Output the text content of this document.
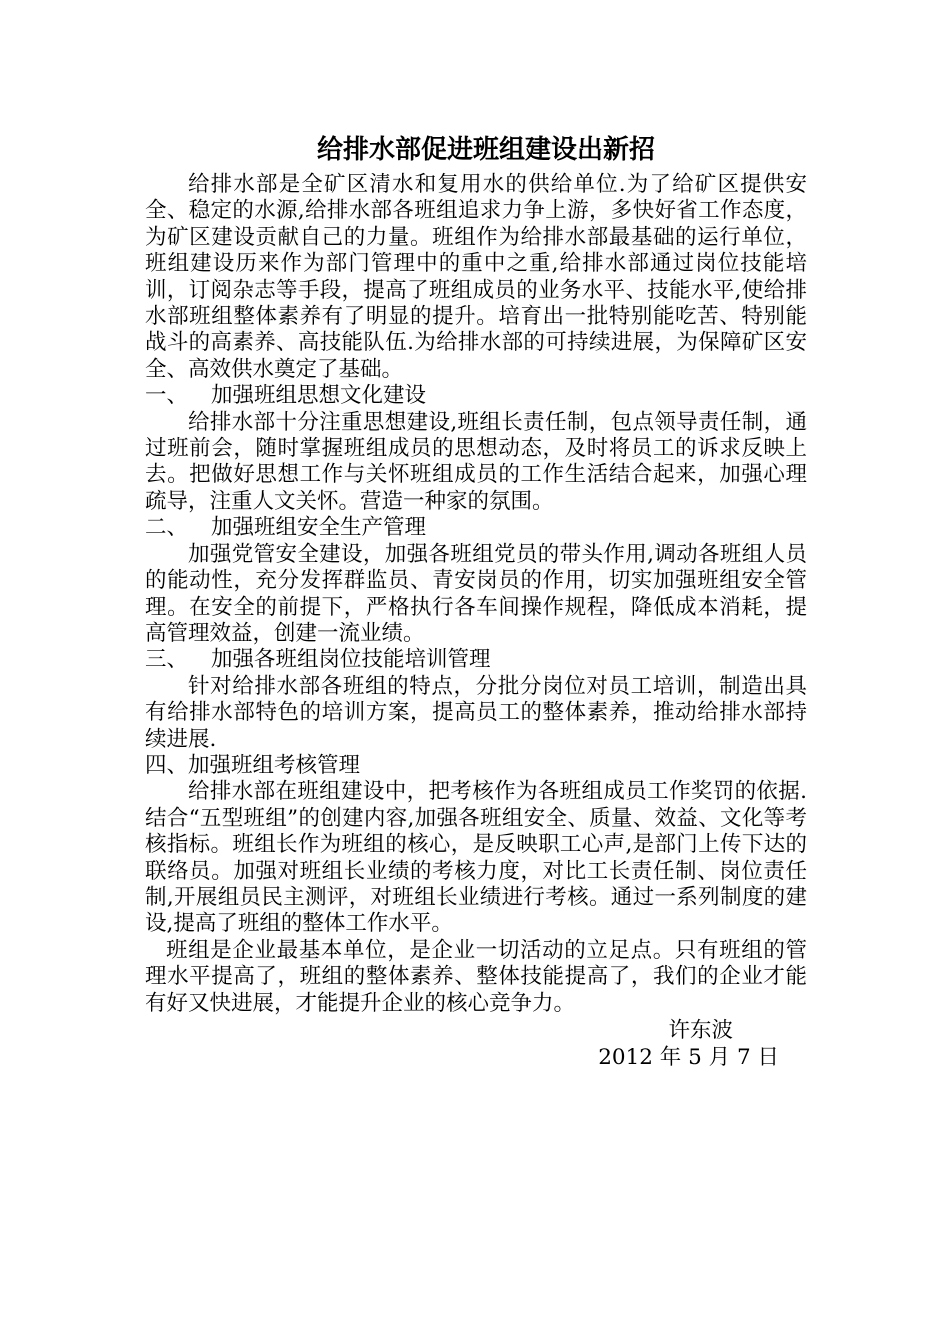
给排水部促进班组建设出新招

给排水部是全矿区清水和复用水的供给单位.为了给矿区提供安全、稳定的水源,给排水部各班组追求力争上游，多快好省工作态度，为矿区建设贡献自己的力量。班组作为给排水部最基础的运行单位，班组建设历来作为部门管理中的重中之重,给排水部通过岗位技能培训，订阅杂志等手段，提高了班组成员的业务水平、技能水平,使给排水部班组整体素养有了明显的提升。培育出一批特别能吃苦、特别能战斗的高素养、高技能队伍.为给排水部的可持续进展，为保障矿区安全、高效供水奠定了基础。

一、 加强班组思想文化建设

给排水部十分注重思想建设,班组长责任制，包点领导责任制，通过班前会，随时掌握班组成员的思想动态，及时将员工的诉求反映上去。把做好思想工作与关怀班组成员的工作生活结合起来，加强心理疏导，注重人文关怀。营造一种家的氛围。

二、 加强班组安全生产管理

加强党管安全建设，加强各班组党员的带头作用,调动各班组人员的能动性，充分发挥群监员、青安岗员的作用，切实加强班组安全管理。在安全的前提下，严格执行各车间操作规程，降低成本消耗，提高管理效益，创建一流业绩。

三、 加强各班组岗位技能培训管理

针对给排水部各班组的特点，分批分岗位对员工培训，制造出具有给排水部特色的培训方案，提高员工的整体素养，推动给排水部持续进展.

四、加强班组考核管理

给排水部在班组建设中，把考核作为各班组成员工作奖罚的依据.结合“五型班组”的创建内容,加强各班组安全、质量、效益、文化等考核指标。班组长作为班组的核心，是反映职工心声,是部门上传下达的联络员。加强对班组长业绩的考核力度，对比工长责任制、岗位责任制,开展组员民主测评，对班组长业绩进行考核。通过一系列制度的建设,提高了班组的整体工作水平。

班组是企业最基本单位，是企业一切活动的立足点。只有班组的管理水平提高了，班组的整体素养、整体技能提高了，我们的企业才能有好又快进展，才能提升企业的核心竞争力。

许东波

2012 年 5 月 7 日
